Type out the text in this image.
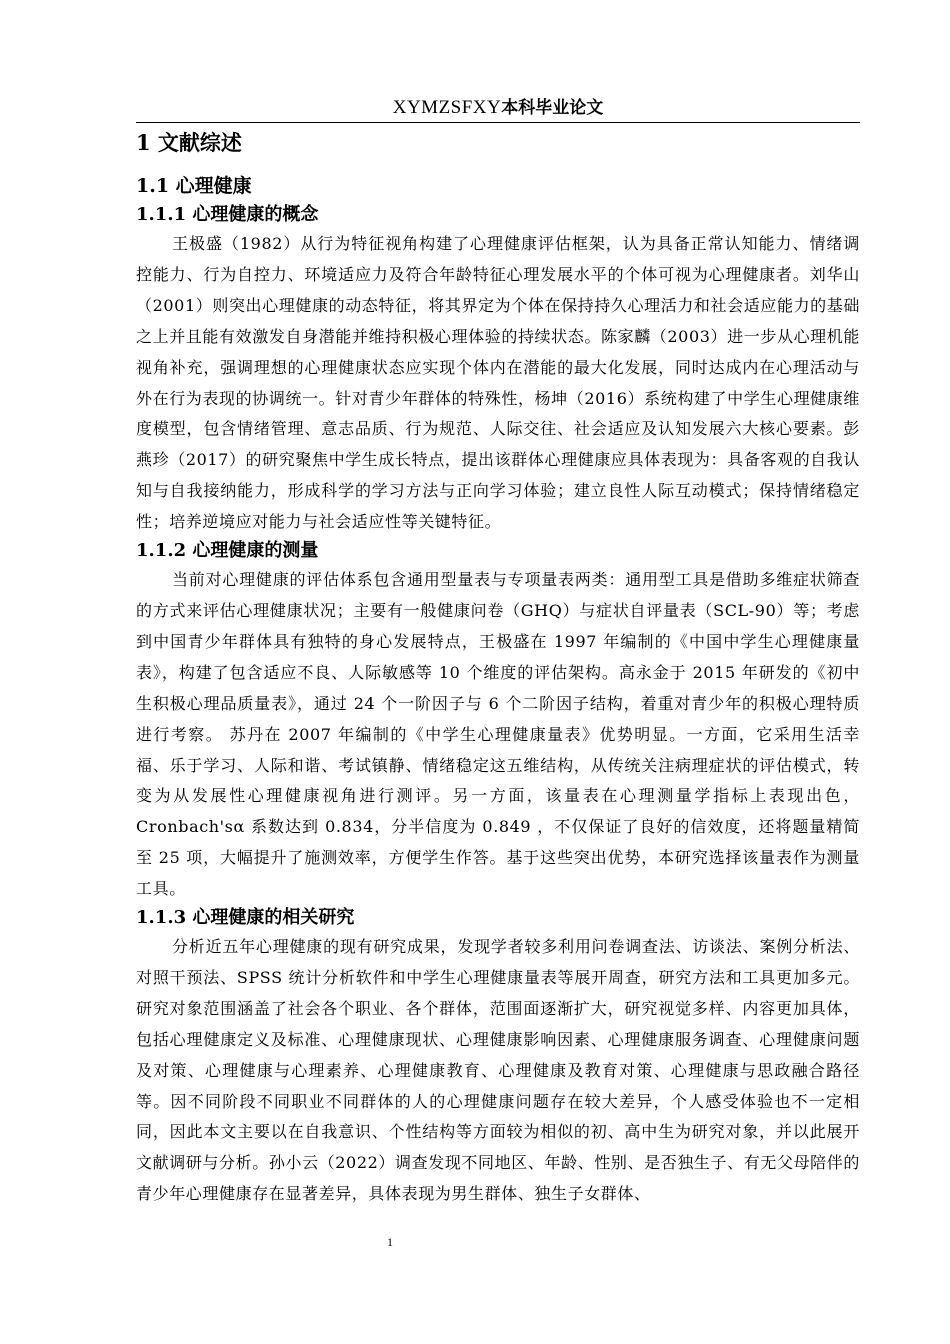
XYMZSFXY本科毕业论文
1 文献综述
1.1 心理健康
1.1.1 心理健康的概念

王极盛（1982）从行为特征视角构建了心理健康评估框架，认为具备正常认知能力、情绪调控能力、行为自控力、环境适应力及符合年龄特征心理发展水平的个体可视为心理健康者。刘华山（2001）则突出心理健康的动态特征，将其界定为个体在保持持久心理活力和社会适应能力的基础之上并且能有效激发自身潜能并维持积极心理体验的持续状态。陈家麟（2003）进一步从心理机能视角补充，强调理想的心理健康状态应实现个体内在潜能的最大化发展，同时达成内在心理活动与外在行为表现的协调统一。针对青少年群体的特殊性，杨坤（2016）系统构建了中学生心理健康维度模型，包含情绪管理、意志品质、行为规范、人际交往、社会适应及认知发展六大核心要素。彭燕珍（2017）的研究聚焦中学生成长特点，提出该群体心理健康应具体表现为：具备客观的自我认知与自我接纳能力，形成科学的学习方法与正向学习体验；建立良性人际互动模式；保持情绪稳定性；培养逆境应对能力与社会适应性等关键特征。

1.1.2 心理健康的测量

当前对心理健康的评估体系包含通用型量表与专项量表两类：通用型工具是借助多维症状筛查的方式来评估心理健康状况；主要有一般健康问卷（GHQ）与症状自评量表（SCL-90）等；考虑到中国青少年群体具有独特的身心发展特点，王极盛在 1997 年编制的《中国中学生心理健康量表》，构建了包含适应不良、人际敏感等 10 个维度的评估架构。高永金于 2015 年研发的《初中生积极心理品质量表》，通过 24 个一阶因子与 6 个二阶因子结构，着重对青少年的积极心理特质进行考察。 苏丹在 2007 年编制的《中学生心理健康量表》优势明显。一方面，它采用生活幸福、乐于学习、人际和谐、考试镇静、情绪稳定这五维结构，从传统关注病理症状的评估模式，转变为从发展性心理健康视角进行测评。另一方面，该量表在心理测量学指标上表现出色，Cronbach'sα 系数达到 0.834，分半信度为 0.849 ，不仅保证了良好的信效度，还将题量精简至 25 项，大幅提升了施测效率，方便学生作答。基于这些突出优势，本研究选择该量表作为测量工具。

1.1.3 心理健康的相关研究

分析近五年心理健康的现有研究成果，发现学者较多利用问卷调查法、访谈法、案例分析法、对照干预法、SPSS 统计分析软件和中学生心理健康量表等展开周查，研究方法和工具更加多元。研究对象范围涵盖了社会各个职业、各个群体，范围面逐渐扩大，研究视觉多样、内容更加具体，包括心理健康定义及标准、心理健康现状、心理健康影响因素、心理健康服务调查、心理健康问题及对策、心理健康与心理素养、心理健康教育、心理健康及教育对策、心理健康与思政融合路径等。因不同阶段不同职业不同群体的人的心理健康问题存在较大差异，个人感受体验也不一定相同，因此本文主要以在自我意识、个性结构等方面较为相似的初、高中生为研究对象，并以此展开文献调研与分析。孙小云（2022）调查发现不同地区、年龄、性别、是否独生子、有无父母陪伴的青少年心理健康存在显著差异，具体表现为男生群体、独生子女群体、

1
